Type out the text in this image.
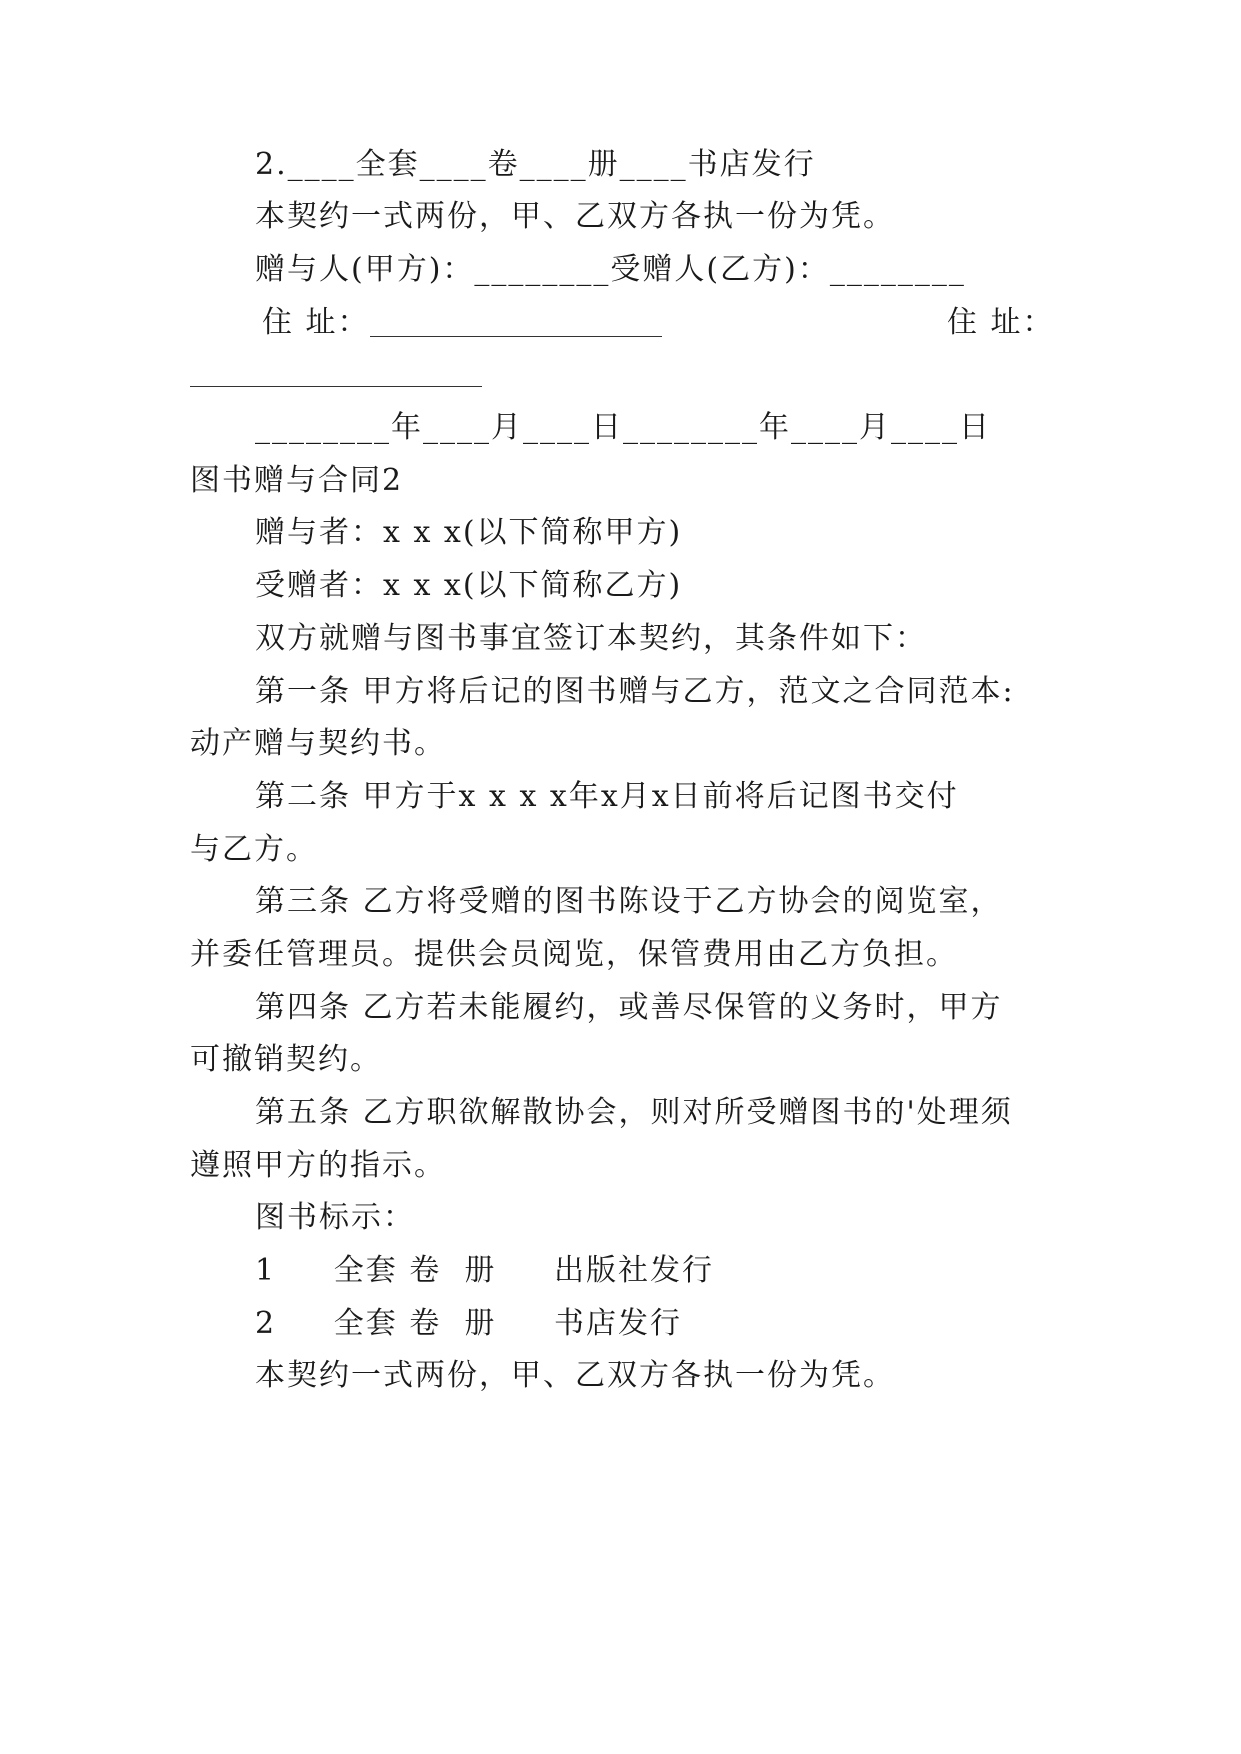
2.____全套____卷____册____书店发行

本契约一式两份，甲、乙双方各执一份为凭。

赠与人(甲方)：________受赠人(乙方)：________

住 址：	住 址：

________年____月____日________年____月____日

图书赠与合同2

赠与者：x x x(以下简称甲方)

受赠者：x x x(以下简称乙方)

双方就赠与图书事宜签订本契约，其条件如下：

第一条 甲方将后记的图书赠与乙方，范文之合同范本:

动产赠与契约书。

第二条 甲方于x x x x年x月x日前将后记图书交付

与乙方。

第三条 乙方将受赠的图书陈设于乙方协会的阅览室，

并委任管理员。提供会员阅览，保管费用由乙方负担。

第四条 乙方若未能履约，或善尽保管的义务时，甲方

可撤销契约。

第五条 乙方职欲解散协会，则对所受赠图书的'处理须

遵照甲方的指示。

图书标示：

1     全套 卷  册     出版社发行

2     全套 卷  册     书店发行

本契约一式两份，甲、乙双方各执一份为凭。
